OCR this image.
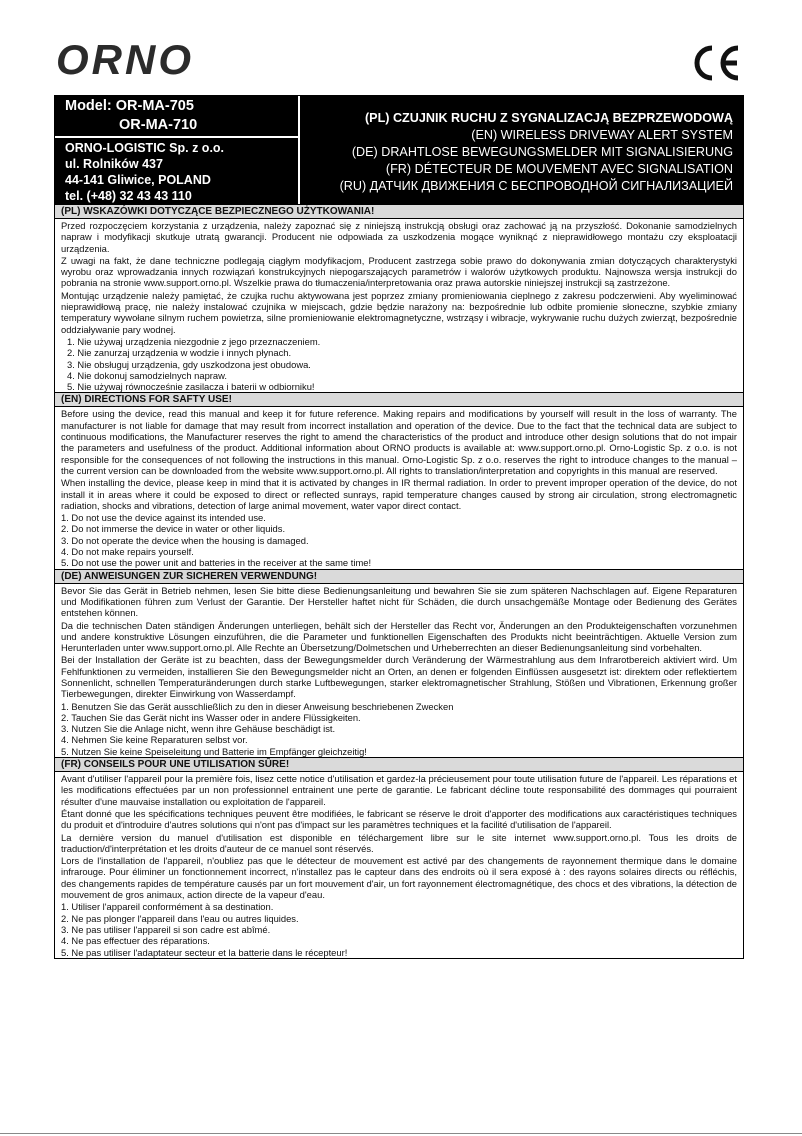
ORNO
Model: OR-MA-705
OR-MA-710
ORNO-LOGISTIC Sp. z o.o.
ul. Rolników 437
44-141 Gliwice, POLAND
tel. (+48) 32 43 43 110
(PL) CZUJNIK RUCHU Z SYGNALIZACJĄ BEZPRZEWODOWĄ
(EN) WIRELESS DRIVEWAY ALERT SYSTEM
(DE) DRAHTLOSE BEWEGUNGSMELDER MIT SIGNALISIERUNG
(FR) DÉTECTEUR DE MOUVEMENT AVEC SIGNALISATION
(RU) ДАТЧИК ДВИЖЕНИЯ С БЕСПРОВОДНОЙ СИГНАЛИЗАЦИЕЙ
(PL) WSKAZÓWKI DOTYCZĄCE BEZPIECZNEGO UŻYTKOWANIA!

Przed rozpoczęciem korzystania z urządzenia, należy zapoznać się z niniejszą instrukcją obsługi oraz zachować ją na przyszłość. Dokonanie samodzielnych napraw i modyfikacji skutkuje utratą gwarancji. Producent nie odpowiada za uszkodzenia mogące wyniknąć z nieprawidłowego montażu czy eksploatacji urządzenia.

Z uwagi na fakt, że dane techniczne podlegają ciągłym modyfikacjom, Producent zastrzega sobie prawo do dokonywania zmian dotyczących charakterystyki wyrobu oraz wprowadzania innych rozwiązań konstrukcyjnych niepogarszających parametrów i walorów użytkowych produktu. Najnowsza wersja instrukcji do pobrania na stronie www.support.orno.pl. Wszelkie prawa do tłumaczenia/interpretowania oraz prawa autorskie niniejszej instrukcji są zastrzeżone.

Montując urządzenie należy pamiętać, że czujka ruchu aktywowana jest poprzez zmiany promieniowania cieplnego z zakresu podczerwieni. Aby wyeliminować nieprawidłową pracę, nie należy instalować czujnika w miejscach, gdzie będzie narażony na: bezpośrednie lub odbite promienie słoneczne, szybkie zmiany temperatury wywołane silnym ruchem powietrza, silne promieniowanie elektromagnetyczne, wstrząsy i wibracje, wykrywanie ruchu dużych zwierząt, bezpośrednie oddziaływanie pary wodnej.

1. Nie używaj urządzenia niezgodnie z jego przeznaczeniem.
2. Nie zanurzaj urządzenia w wodzie i innych płynach.
3. Nie obsługuj urządzenia, gdy uszkodzona jest obudowa.
4. Nie dokonuj samodzielnych napraw.
5. Nie używaj równocześnie zasilacza i baterii w odbiorniku!
(EN) DIRECTIONS FOR SAFTY USE!

Before using the device, read this manual and keep it for future reference. Making repairs and modifications by yourself will result in the loss of warranty. The manufacturer is not liable for damage that may result from incorrect installation and operation of the device. Due to the fact that the technical data are subject to continuous modifications, the Manufacturer reserves the right to amend the characteristics of the product and introduce other design solutions that do not impair the parameters and usefulness of the product. Additional information about ORNO products is available at: www.support.orno.pl. Orno-Logistic Sp. z o.o. is not responsible for the consequences of not following the instructions in this manual. Orno-Logistic Sp. z o.o. reserves the right to introduce changes to the manual – the current version can be downloaded from the website www.support.orno.pl. All rights to translation/interpretation and copyrights in this manual are reserved.

When installing the device, please keep in mind that it is activated by changes in IR thermal radiation. In order to prevent improper operation of the device, do not install it in areas where it could be exposed to direct or reflected sunrays, rapid temperature changes caused by strong air circulation, strong electromagnetic radiation, shocks and vibrations, detection of large animal movement, water vapor direct contact.

1. Do not use the device against its intended use.
2. Do not immerse the device in water or other liquids.
3. Do not operate the device when the housing is damaged.
4. Do not make repairs yourself.
5. Do not use the power unit and batteries in the receiver at the same time!
(DE) ANWEISUNGEN ZUR SICHEREN VERWENDUNG!

Bevor Sie das Gerät in Betrieb nehmen, lesen Sie bitte diese Bedienungsanleitung und bewahren Sie sie zum späteren Nachschlagen auf. Eigene Reparaturen und Modifikationen führen zum Verlust der Garantie. Der Hersteller haftet nicht für Schäden, die durch unsachgemäße Montage oder Bedienung des Gerätes entstehen können.

Da die technischen Daten ständigen Änderungen unterliegen, behält sich der Hersteller das Recht vor, Änderungen an den Produkteigenschaften vorzunehmen und andere konstruktive Lösungen einzuführen, die die Parameter und funktionellen Eigenschaften des Produkts nicht beeinträchtigen. Aktuelle Version zum Herunterladen unter www.support.orno.pl. Alle Rechte an Übersetzung/Dolmetschen und Urheberrechten an dieser Bedienungsanleitung sind vorbehalten.

Bei der Installation der Geräte ist zu beachten, dass der Bewegungsmelder durch Veränderung der Wärmestrahlung aus dem Infrarotbereich aktiviert wird. Um Fehlfunktionen zu vermeiden, installieren Sie den Bewegungsmelder nicht an Orten, an denen er folgenden Einflüssen ausgesetzt ist: direktem oder reflektiertem Sonnenlicht, schnellen Temperaturänderungen durch starke Luftbewegungen, starker elektromagnetischer Strahlung, Stößen und Vibrationen, Erkennung großer Tierbewegungen, direkter Einwirkung von Wasserdampf.

1. Benutzen Sie das Gerät ausschließlich zu den in dieser Anweisung beschriebenen Zwecken
2. Tauchen Sie das Gerät nicht ins Wasser oder in andere Flüssigkeiten.
3. Nutzen Sie die Anlage nicht, wenn ihre Gehäuse beschädigt ist.
4. Nehmen Sie keine Reparaturen selbst vor.
5. Nutzen Sie keine Speiseleitung und Batterie im Empfänger gleichzeitig!
(FR) CONSEILS POUR UNE UTILISATION SÛRE!

Avant d'utiliser l'appareil pour la première fois, lisez cette notice d'utilisation et gardez-la précieusement pour toute utilisation future de l'appareil. Les réparations et les modifications effectuées par un non professionnel entrainent une perte de garantie. Le fabricant décline toute responsabilité des dommages qui pourraient résulter d'une mauvaise installation ou exploitation de l'appareil.

Étant donné que les spécifications techniques peuvent être modifiées, le fabricant se réserve le droit d'apporter des modifications aux caractéristiques techniques du produit et d'introduire d'autres solutions qui n'ont pas d'impact sur les paramètres techniques et la facilité d'utilisation de l'appareil.

La dernière version du manuel d'utilisation est disponible en téléchargement libre sur le site internet www.support.orno.pl. Tous les droits de traduction/d'interprétation et les droits d'auteur de ce manuel sont réservés.

Lors de l'installation de l'appareil, n'oubliez pas que le détecteur de mouvement est activé par des changements de rayonnement thermique dans le domaine infrarouge. Pour éliminer un fonctionnement incorrect, n'installez pas le capteur dans des endroits où il sera exposé à : des rayons solaires directs ou réfléchis, des changements rapides de température causés par un fort mouvement d'air, un fort rayonnement électromagnétique, des chocs et des vibrations, la détection de mouvement de gros animaux, action directe de la vapeur d'eau.

1. Utiliser l'appareil conformément à sa destination.
2. Ne pas plonger l'appareil dans l'eau ou autres liquides.
3. Ne pas utiliser l'appareil si son cadre est abîmé.
4. Ne pas effectuer des réparations.
5. Ne pas utiliser l'adaptateur secteur et la batterie dans le récepteur!
